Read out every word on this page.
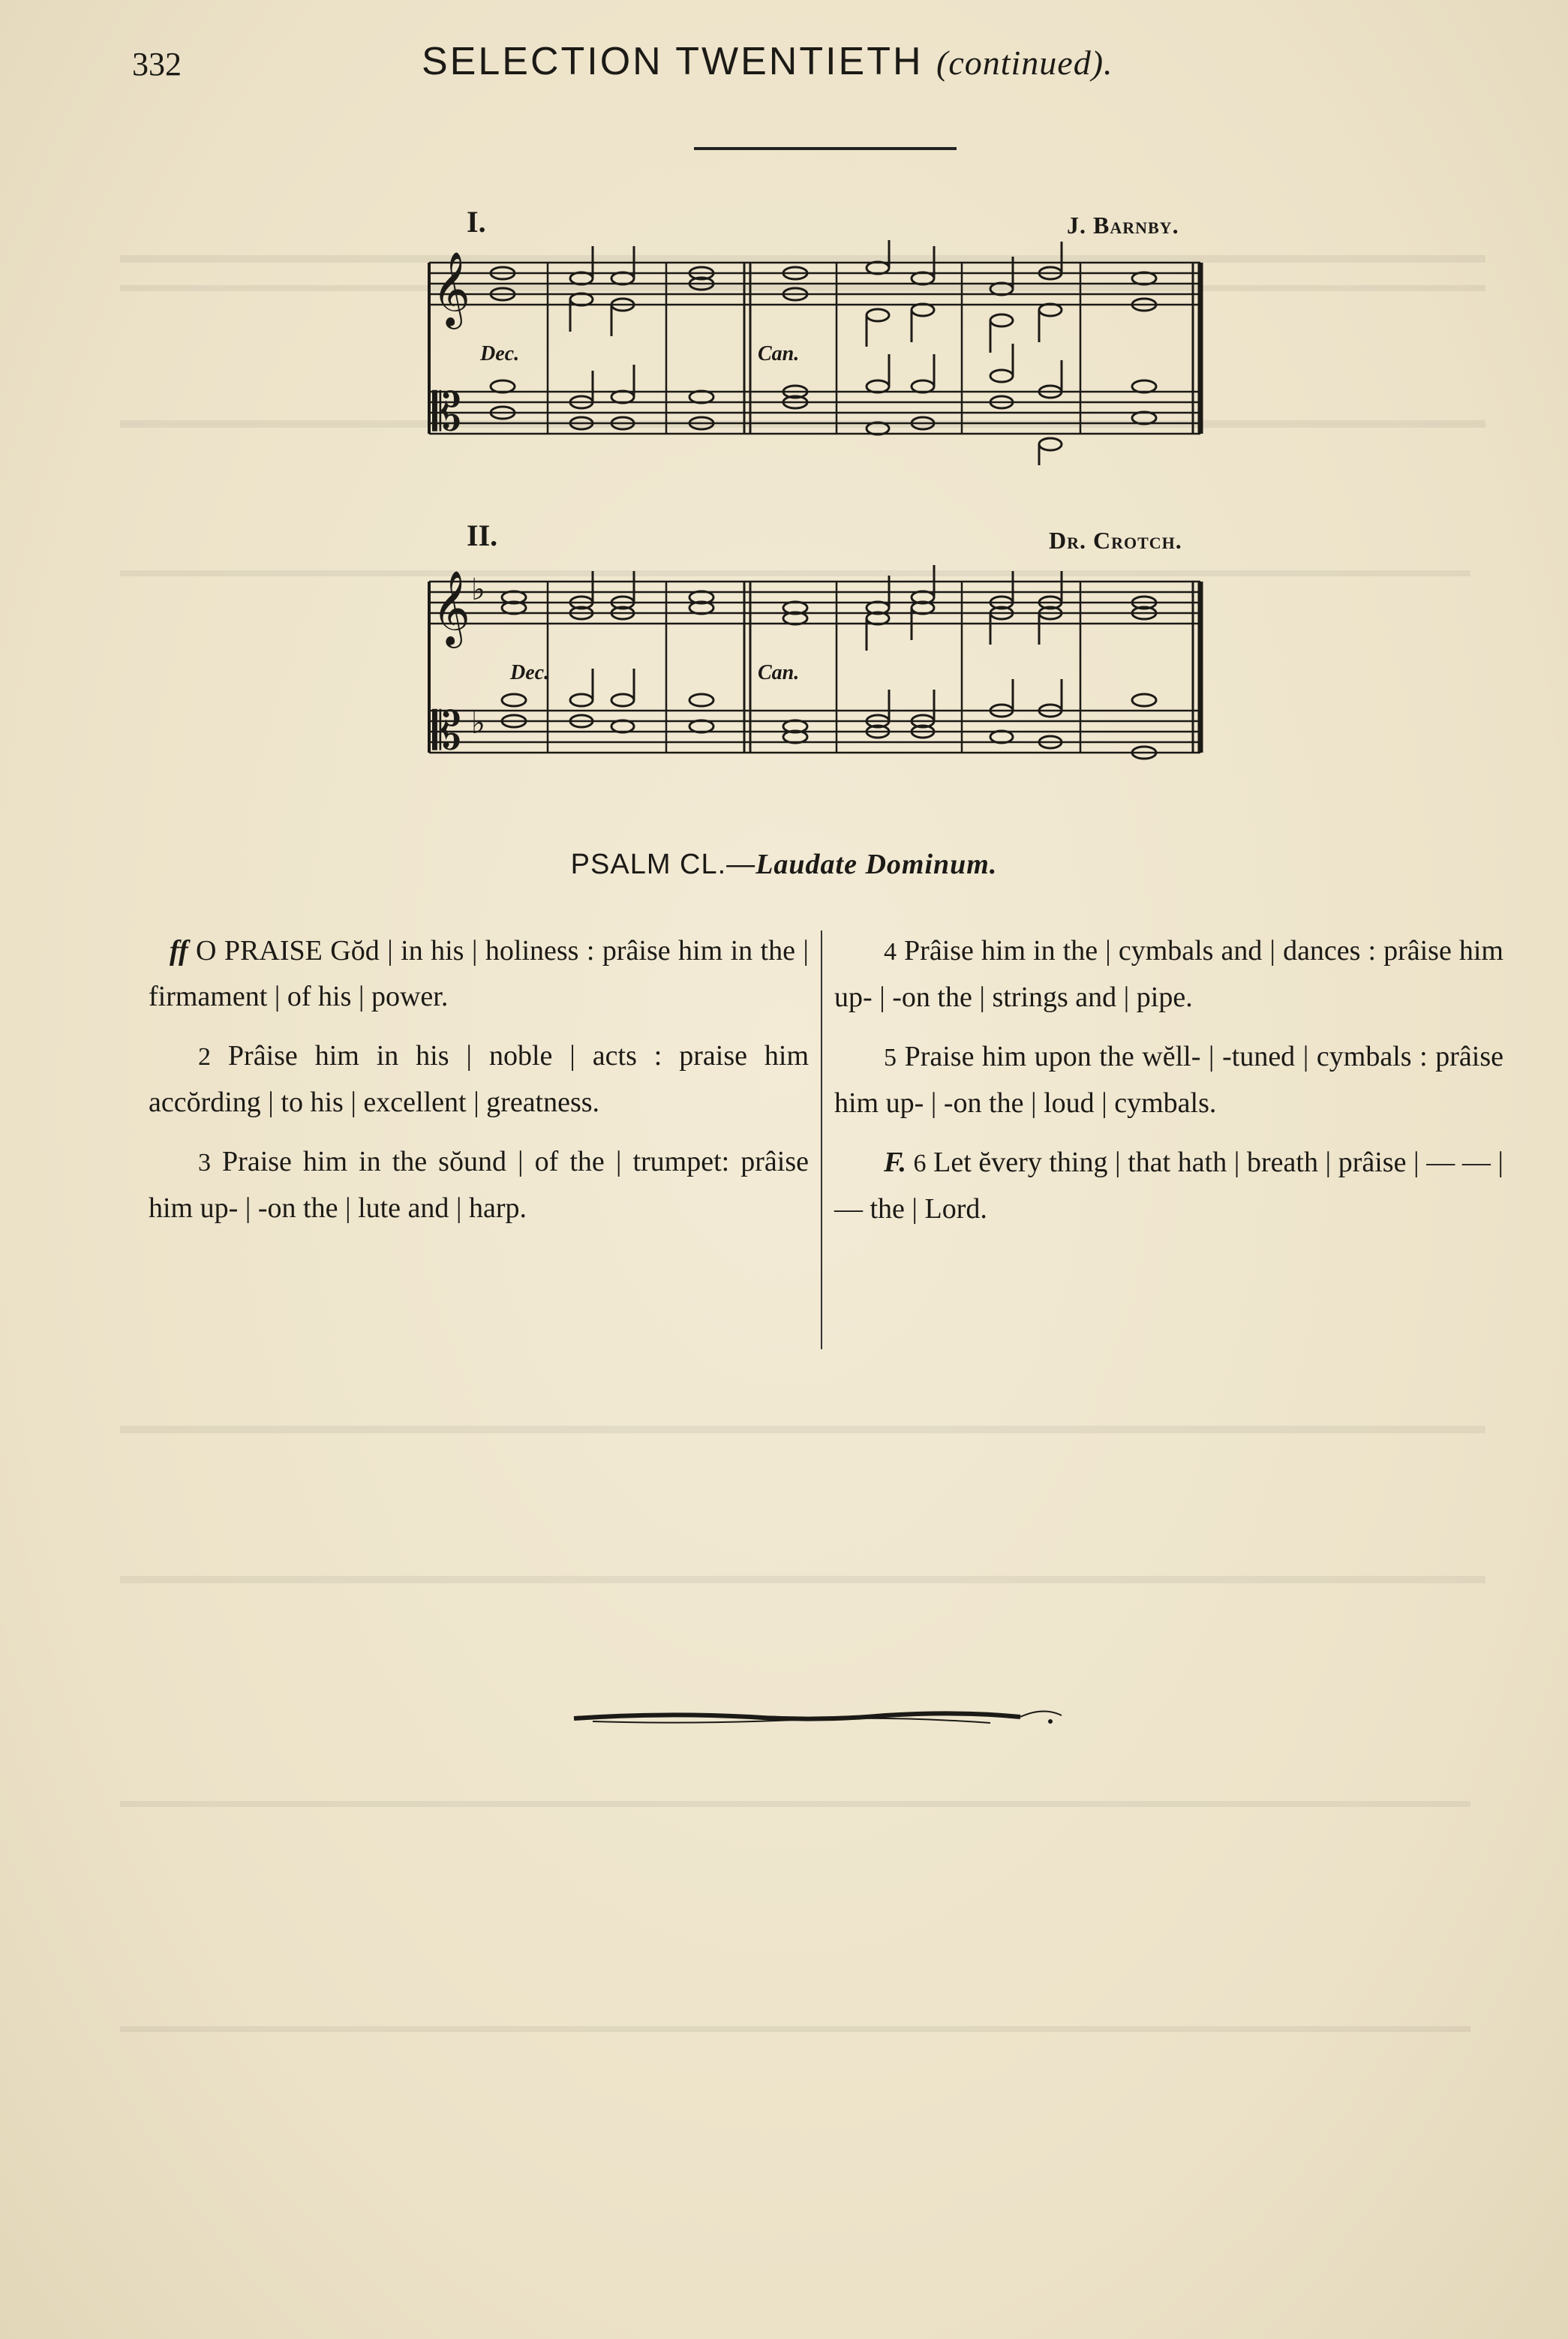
332	SELECTION TWENTIETH (continued).
I.	J. Barnby.
𝄞
𝄡
Dec.	Can.
II.	Dr. Crotch.
𝄞 ♭
𝄡 ♭
Dec.	Can.
PSALM CL.—Laudate Dominum.

ff O PRAISE Gŏd | in his | holiness : prâise him in the | firmament | of his | power.

2 Prâise him in his | noble | acts : praise him accŏrding | to his | excellent | greatness.

3 Praise him in the sŏund | of the | trumpet: prâise him up- | -on the | lute and | harp.

4 Prâise him in the | cymbals and | dances : prâise him up- | -on the | strings and | pipe.

5 Praise him upon the wĕll- | -tuned | cymbals : prâise him up- | -on the | loud | cymbals.

F. 6 Let ĕvery thing | that hath | breath | prâise | — — | — the | Lord.
